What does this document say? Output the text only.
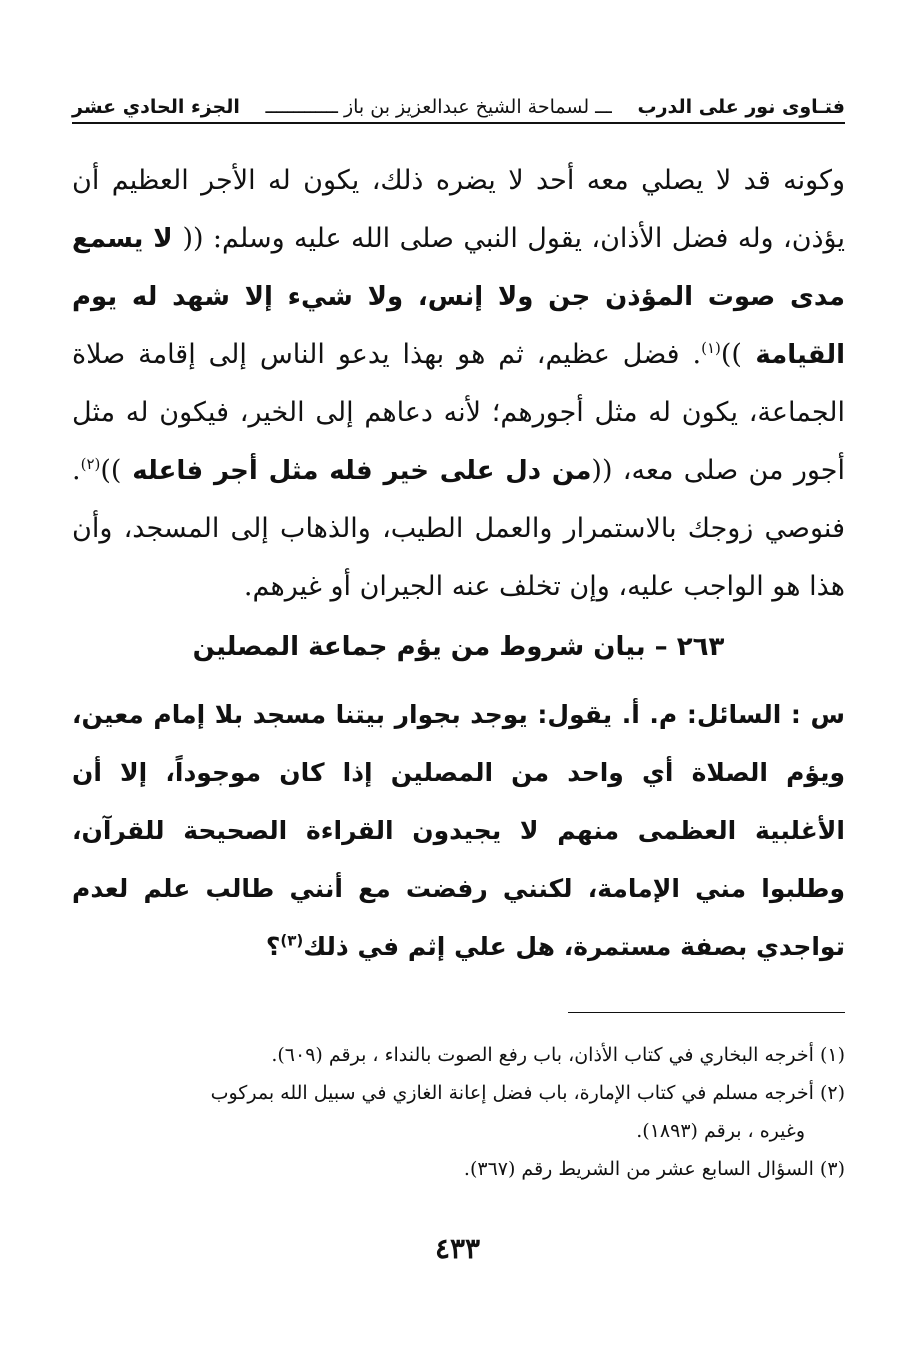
فتـاوى نور على الدرب
ـــ لسماحة الشيخ عبدالعزيز بن باز ـــــــــــــ
الجزء الحادي عشر
وكونه قد لا يصلي معه أحد لا يضره ذلك، يكون له الأجر العظيم أن يؤذن، وله فضل الأذان، يقول النبي صلى الله عليه وسلم: (( لا يسمع مدى صوت المؤذن جن ولا إنس، ولا شيء إلا شهد له يوم القيامة ))$^{(١)}$. فضل عظيم، ثم هو بهذا يدعو الناس إلى إقامة صلاة الجماعة، يكون له مثل أجورهم؛ لأنه دعاهم إلى الخير، فيكون له مثل أجور من صلى معه، ((من دل على خير فله مثل أجر فاعله ))$^{(٢)}$. فنوصي زوجك بالاستمرار والعمل الطيب، والذهاب إلى المسجد، وأن هذا هو الواجب عليه، وإن تخلف عنه الجيران أو غيرهم.
٢٦٣ – بيان شروط من يؤم جماعة المصلين
س : السائل: م. أ. يقول: يوجد بجوار بيتنا مسجد بلا إمام معين، ويؤم الصلاة أي واحد من المصلين إذا كان موجوداً، إلا أن الأغلبية العظمى منهم لا يجيدون القراءة الصحيحة للقرآن، وطلبوا مني الإمامة، لكنني رفضت مع أنني طالب علم لعدم تواجدي بصفة مستمرة، هل علي إثم في ذلك$^{(٣)}$؟
(١) أخرجه البخاري في كتاب الأذان، باب رفع الصوت بالنداء ، برقم (٦٠٩).
(٢) أخرجه مسلم في كتاب الإمارة، باب فضل إعانة الغازي في سبيل الله بمركوب
وغيره ، برقم (١٨٩٣).
(٣) السؤال السابع عشر من الشريط رقم (٣٦٧).
٤٣٣
